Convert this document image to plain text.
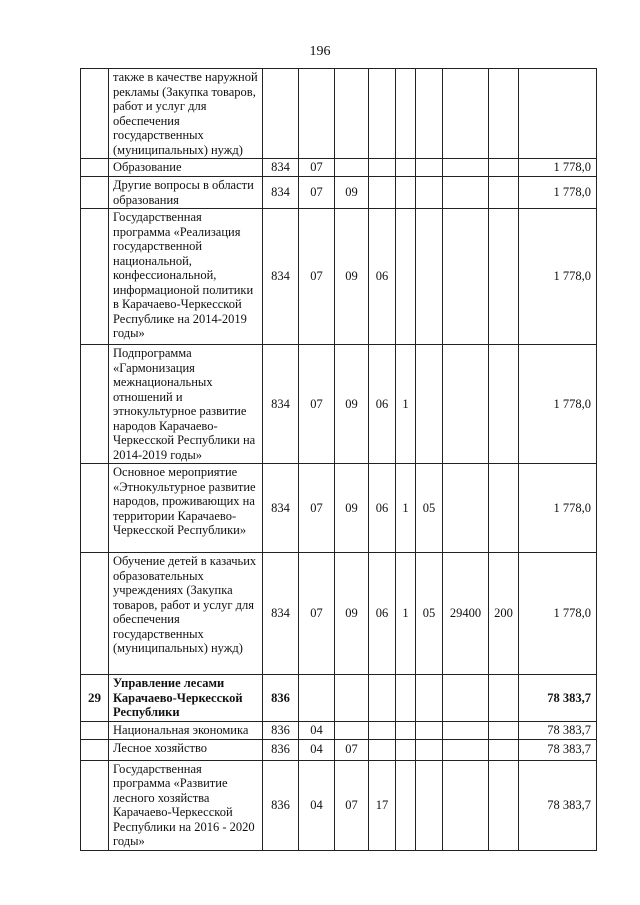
196
	также в качестве наружной рекламы (Закупка товаров, работ и услуг для обеспечения государственных (муниципальных) нужд)									
	Образование	834	07							1 778,0
	Другие вопросы в области образования	834	07	09						1 778,0
	Государственная программа «Реализация государственной национальной, конфессиональной, информационой политики в Карачаево-Черкесской Республике на 2014-2019 годы»	834	07	09	06					1 778,0
	Подпрограмма «Гармонизация межнациональных отношений и этнокультурное развитие народов Карачаево-Черкесской Республики на 2014-2019 годы»	834	07	09	06	1				1 778,0
	Основное мероприятие «Этнокультурное развитие народов, проживающих на территории Карачаево-Черкесской Республики»	834	07	09	06	1	05			1 778,0
	Обучение детей в казачьих образовательных учреждениях (Закупка товаров, работ и услуг для обеспечения государственных (муниципальных) нужд)	834	07	09	06	1	05	29400	200	1 778,0
29	Управление лесами Карачаево-Черкесской Республики	836								78 383,7
	Национальная экономика	836	04							78 383,7
	Лесное хозяйство	836	04	07						78 383,7
	Государственная программа «Развитие лесного хозяйства Карачаево-Черкесской Республики на 2016 - 2020 годы»	836	04	07	17					78 383,7
